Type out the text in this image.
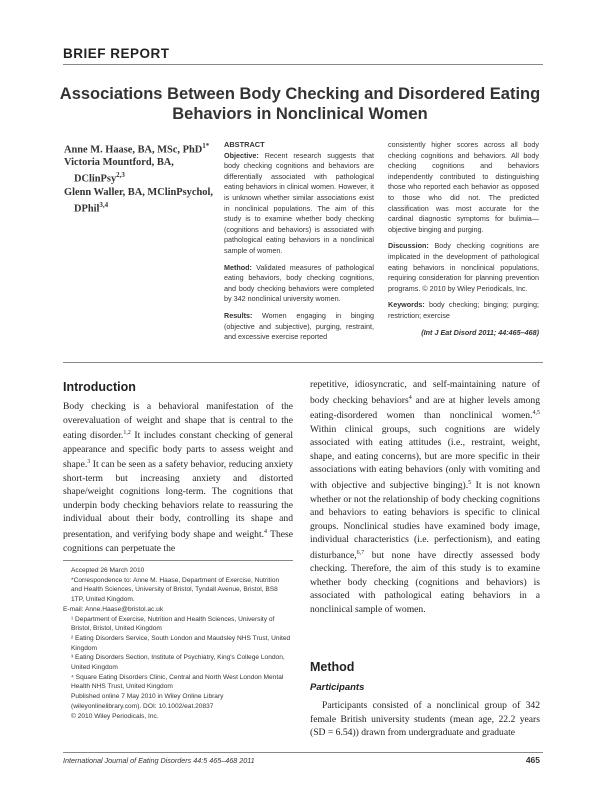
BRIEF REPORT
Associations Between Body Checking and Disordered Eating Behaviors in Nonclinical Women
Anne M. Haase, BA, MSc, PhD$^{1*}$
Victoria Mountford, BA,
DClinPsy$^{2,3}$
Glenn Waller, BA, MClinPsychol,
DPhil$^{3,4}$
ABSTRACT

Objective: Recent research suggests that body checking cognitions and behaviors are differentially associated with pathological eating behaviors in clinical women. However, it is unknown whether similar associations exist in nonclinical populations. The aim of this study is to examine whether body checking (cognitions and behaviors) is associated with pathological eating behaviors in a nonclinical sample of women.

Method: Validated measures of pathological eating behaviors, body checking cognitions, and body checking behaviors were completed by 342 nonclinical university women.

Results: Women engaging in binging (objective and subjective), purging, restraint, and excessive exercise reported

consistently higher scores across all body checking cognitions and behaviors. All body checking cognitions and behaviors independently contributed to distinguishing those who reported each behavior as opposed to those who did not. The predicted classification was most accurate for the cardinal diagnostic symptoms for bulimia—objective binging and purging.

Discussion: Body checking cognitions are implicated in the development of pathological eating behaviors in nonclinical populations, requiring consideration for planning prevention programs. © 2010 by Wiley Periodicals, Inc.

Keywords: body checking; binging; purging; restriction; exercise

(Int J Eat Disord 2011; 44:465–468)

Introduction
Body checking is a behavioral manifestation of the overevaluation of weight and shape that is central to the eating disorder.$^{1,2}$ It includes constant checking of general appearance and specific body parts to assess weight and shape.$^3$ It can be seen as a safety behavior, reducing anxiety short-term but increasing anxiety and distorted shape/weight cognitions long-term. The cognitions that underpin body checking behaviors relate to reassuring the individual about their body, controlling its shape and presentation, and verifying body shape and weight.$^4$ These cognitions can perpetuate the
Accepted 26 March 2010
*Correspondence to: Anne M. Haase, Department of Exercise, Nutrition and Health Sciences, University of Bristol, Tyndall Avenue, Bristol, BS8 1TP, United Kingdom.
E-mail: Anne.Haase@bristol.ac.uk
¹ Department of Exercise, Nutrition and Health Sciences, University of Bristol, Bristol, United Kingdom
² Eating Disorders Service, South London and Maudsley NHS Trust, United Kingdom
³ Eating Disorders Section, Institute of Psychiatry, King's College London, United Kingdom
⁴ Square Eating Disorders Clinic, Central and North West London Mental Health NHS Trust, United Kingdom
Published online 7 May 2010 in Wiley Online Library (wileyonlinelibrary.com). DOI: 10.1002/eat.20837
© 2010 Wiley Periodicals, Inc.
repetitive, idiosyncratic, and self-maintaining nature of body checking behaviors$^4$ and are at higher levels among eating-disordered women than nonclinical women.$^{4,5}$ Within clinical groups, such cognitions are widely associated with eating attitudes (i.e., restraint, weight, shape, and eating concerns), but are more specific in their associations with eating behaviors (only with vomiting and with objective and subjective binging).$^5$ It is not known whether or not the relationship of body checking cognitions and behaviors to eating behaviors is specific to clinical groups. Nonclinical studies have examined body image, individual characteristics (i.e. perfectionism), and eating disturbance,$^{6,7}$ but none have directly assessed body checking. Therefore, the aim of this study is to examine whether body checking (cognitions and behaviors) is associated with pathological eating behaviors in a nonclinical sample of women.
Method
Participants
Participants consisted of a nonclinical group of 342 female British university students (mean age, 22.2 years (SD = 6.54)) drawn from undergraduate and graduate
International Journal of Eating Disorders 44:5 465–468 2011	465
